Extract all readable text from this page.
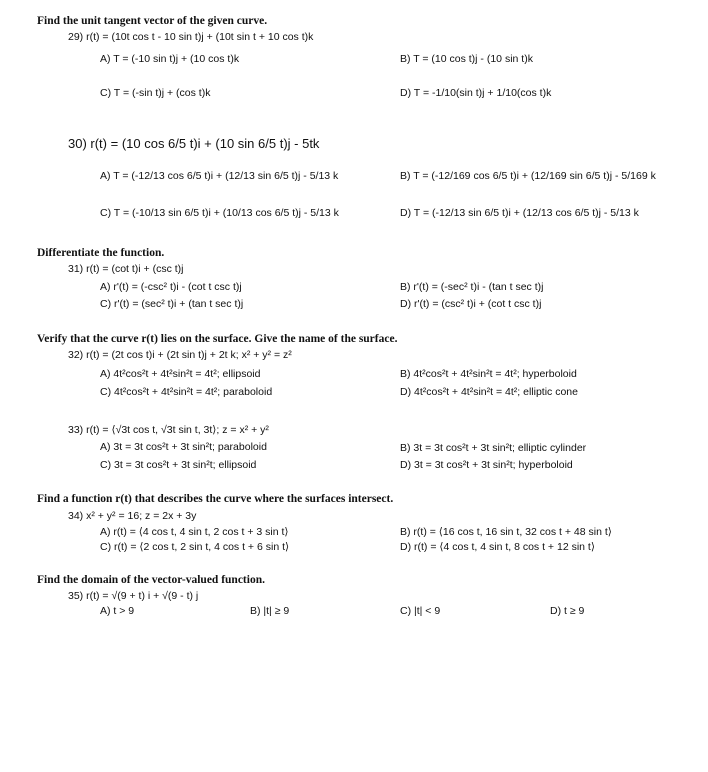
Find the unit tangent vector of the given curve.
29) r(t) = (10t cos t - 10 sin t)j + (10t sin t + 10 cos t)k
A) T = (-10 sin t)j + (10 cos t)k	B) T = (10 cos t)j - (10 sin t)k
C) T = (-sin t)j + (cos t)k	D) T = -1/10(sin t)j + 1/10(cos t)k
30) r(t) = (10 cos 6/5 t)i + (10 sin 6/5 t)j - 5tk
A) T = (-12/13 cos 6/5 t)i + (12/13 sin 6/5 t)j - 5/13 k	B) T = (-12/169 cos 6/5 t)i + (12/169 sin 6/5 t)j - 5/169 k
C) T = (-10/13 sin 6/5 t)i + (10/13 cos 6/5 t)j - 5/13 k	D) T = (-12/13 sin 6/5 t)i + (12/13 cos 6/5 t)j - 5/13 k
Differentiate the function.
31) r(t) = (cot t)i + (csc t)j
A) r'(t) = (-csc² t)i - (cot t csc t)j	B) r'(t) = (-sec² t)i - (tan t sec t)j
C) r'(t) = (sec² t)i + (tan t sec t)j	D) r'(t) = (csc² t)i + (cot t csc t)j
Verify that the curve r(t) lies on the surface. Give the name of the surface.
32) r(t) = (2t cos t)i + (2t sin t)j + 2t k; x² + y² = z²
A) 4t²cos²t + 4t²sin²t = 4t²; ellipsoid	B) 4t²cos²t + 4t²sin²t = 4t²; hyperboloid
C) 4t²cos²t + 4t²sin²t = 4t²; paraboloid	D) 4t²cos²t + 4t²sin²t = 4t²; elliptic cone
33) r(t) = ⟨√3t cos t, √3t sin t, 3t⟩; z = x² + y²
A) 3t = 3t cos²t + 3t sin²t; paraboloid	B) 3t = 3t cos²t + 3t sin²t; elliptic cylinder
C) 3t = 3t cos²t + 3t sin²t; ellipsoid	D) 3t = 3t cos²t + 3t sin²t; hyperboloid
Find a function r(t) that describes the curve where the surfaces intersect.
34) x² + y² = 16; z = 2x + 3y
A) r(t) = ⟨4 cos t, 4 sin t, 2 cos t + 3 sin t⟩	B) r(t) = ⟨16 cos t, 16 sin t, 32 cos t + 48 sin t⟩
C) r(t) = ⟨2 cos t, 2 sin t, 4 cos t + 6 sin t⟩	D) r(t) = ⟨4 cos t, 4 sin t, 8 cos t + 12 sin t⟩
Find the domain of the vector-valued function.
35) r(t) = √(9 + t) i + √(9 - t) j
A) t > 9	B) |t| ≥ 9	C) |t| < 9	D) t ≥ 9
